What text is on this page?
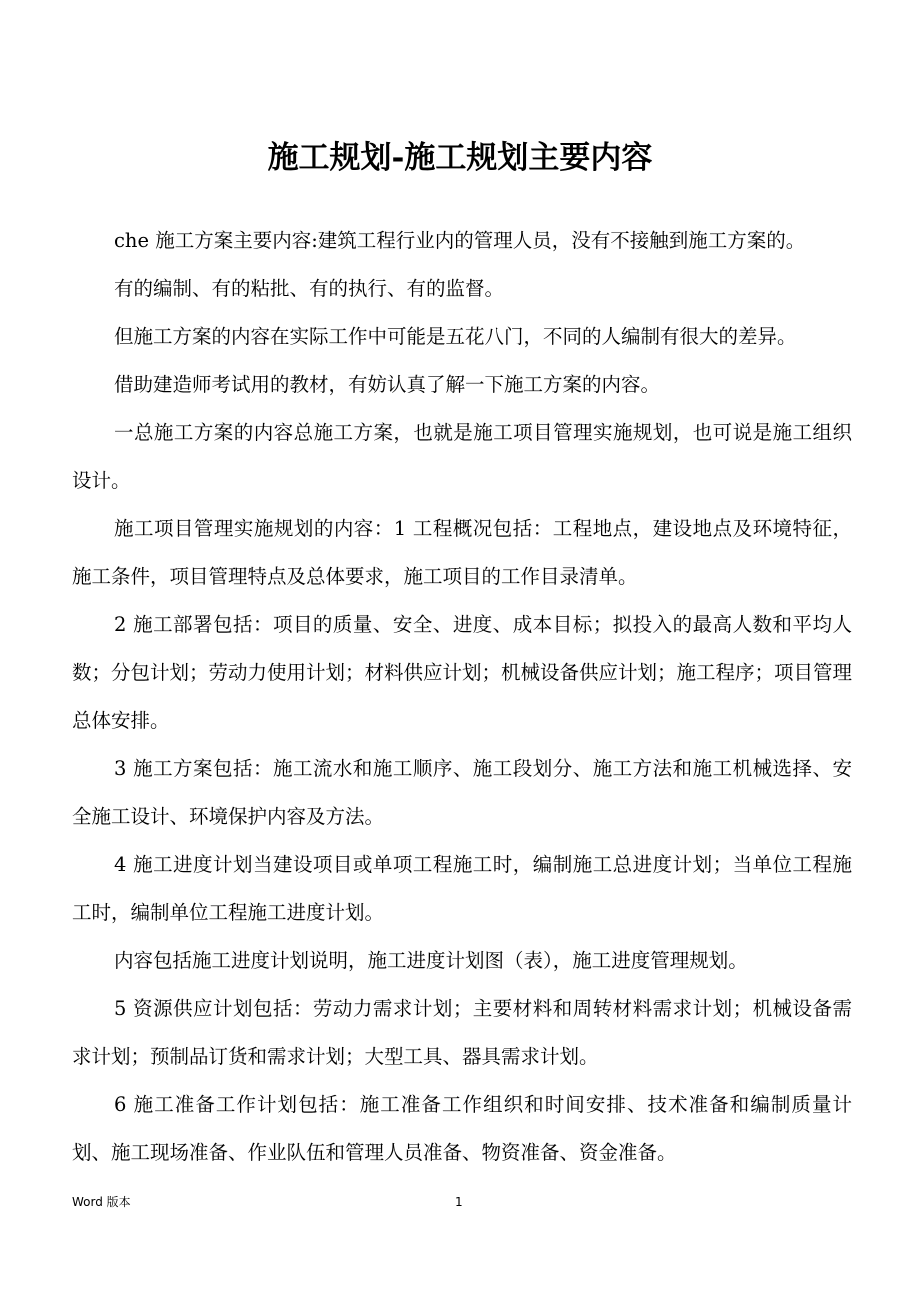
施工规划-施工规划主要内容

che 施工方案主要内容:建筑工程行业内的管理人员，没有不接触到施工方案的。

有的编制、有的粘批、有的执行、有的监督。

但施工方案的内容在实际工作中可能是五花八门，不同的人编制有很大的差异。

借助建造师考试用的教材，有妨认真了解一下施工方案的内容。

一总施工方案的内容总施工方案，也就是施工项目管理实施规划，也可说是施工组织设计。

施工项目管理实施规划的内容：1 工程概况包括：工程地点，建设地点及环境特征，施工条件，项目管理特点及总体要求，施工项目的工作目录清单。

2 施工部署包括：项目的质量、安全、进度、成本目标；拟投入的最高人数和平均人数；分包计划；劳动力使用计划；材料供应计划；机械设备供应计划；施工程序；项目管理总体安排。

3 施工方案包括：施工流水和施工顺序、施工段划分、施工方法和施工机械选择、安全施工设计、环境保护内容及方法。

4 施工进度计划当建设项目或单项工程施工时，编制施工总进度计划；当单位工程施工时，编制单位工程施工进度计划。

内容包括施工进度计划说明，施工进度计划图（表），施工进度管理规划。

5 资源供应计划包括：劳动力需求计划；主要材料和周转材料需求计划；机械设备需求计划；预制品订货和需求计划；大型工具、器具需求计划。

6 施工准备工作计划包括：施工准备工作组织和时间安排、技术准备和编制质量计划、施工现场准备、作业队伍和管理人员准备、物资准备、资金准备。

Word 版本	1
